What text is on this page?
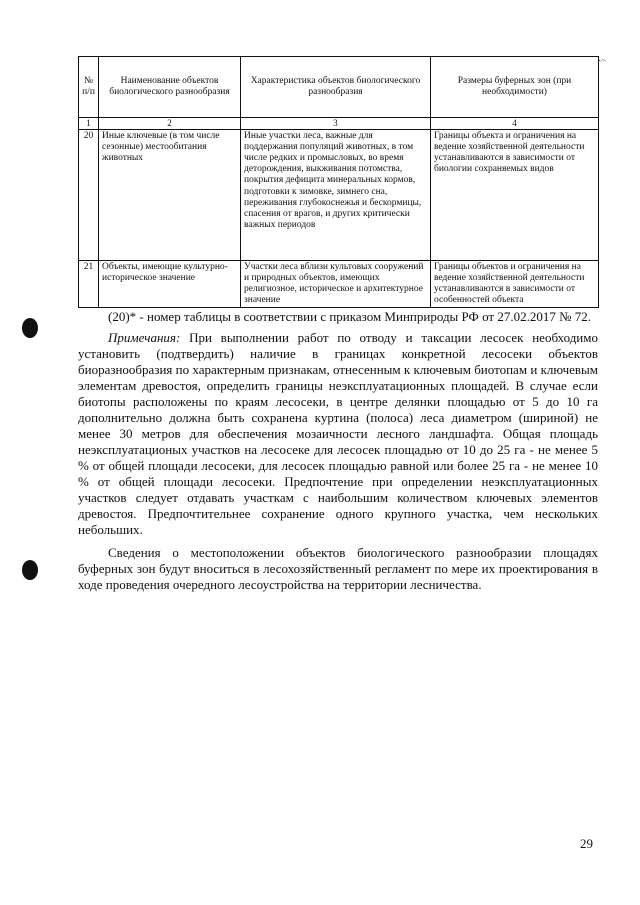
ᐧ𝄐
№ п/п	Наименование объектов биологического разнообразия	Характеристика объектов биологического разнообразия	Размеры буферных зон (при необходимости)
1	2	3	4
20	Иные ключевые (в том числе сезонные) местообитания животных	Иные участки леса, важные для поддержания популяций животных, в том числе редких и промысловых, во время деторождения, выкживания потомства, покрытия дефицита минеральных кормов, подготовки к зимовке, зимнего сна, переживания глубокоснежья и бескормицы, спасения от врагов, и других критически важных периодов	Границы объекта и ограничения на ведение хозяйственной деятельности устанавливаются в зависимости от биологии сохраняемых видов
21	Объекты, имеющие культурно-историческое значение	Участки леса вблизи культовых сооружений и природных объектов, имеющих религиозное, историческое и архитектурное значение	Границы объектов и ограничения на ведение хозяйственной деятельности устанавливаются в зависимости от особенностей объекта
(20)* - номер таблицы в соответствии с приказом Минприроды РФ от 27.02.2017 № 72.

Примечания: При выполнении работ по отводу и таксации лесосек необходимо установить (подтвердить) наличие в границах конкретной лесосеки объектов биоразнообразия по характерным признакам, отнесенным к ключевым биотопам и ключевым элементам древостоя, определить границы неэксплуатационных площадей. В случае если биотопы расположены по краям лесосеки, в центре делянки площадью от 5 до 10 га дополнительно должна быть сохранена куртина (полоса) леса диаметром (шириной) не менее 30 метров для обеспечения мозаичности лесного ландшафта. Общая площадь неэксплуатационых участков на лесосеке для лесосек площадью от 10 до 25 га - не менее 5 % от общей площади лесосеки, для лесосек площадью равной или более 25 га - не менее 10 % от общей площади лесосеки. Предпочтение при определении неэксплуатационных участков следует отдавать участкам с наибольшим количеством ключевых элементов древостоя. Предпочтительнее сохранение одного крупного участка, чем нескольких небольших.

Сведения о местоположении объектов биологического разнообразии площадях буферных зон будут вноситься в лесохозяйственный регламент по мере их проектирования в ходе проведения очередного лесоустройства на территории лесничества.

29
